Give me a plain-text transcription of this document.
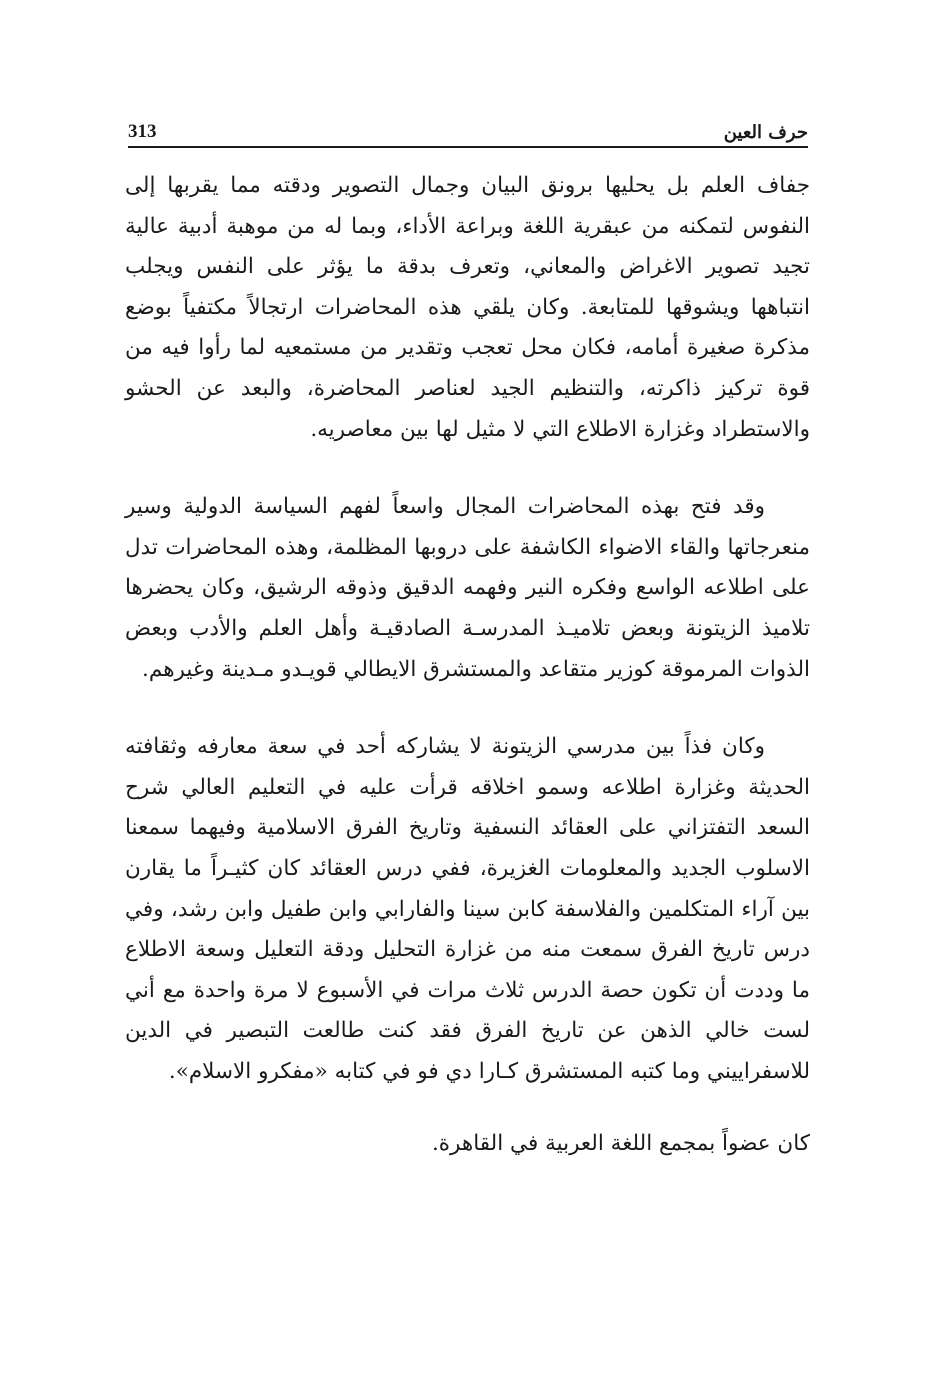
313	حرف العين

جفاف العلم بل يحليها برونق البيان وجمال التصوير ودقته مما يقربها إلى النفوس لتمكنه من عبقرية اللغة وبراعة الأداء، وبما له من موهبة أدبية عالية تجيد تصوير الاغراض والمعاني، وتعرف بدقة ما يؤثر على النفس ويجلب انتباهها ويشوقها للمتابعة. وكان يلقي هذه المحاضرات ارتجالاً مكتفياً بوضع مذكرة صغيرة أمامه، فكان محل تعجب وتقدير من مستمعيه لما رأوا فيه من قوة تركيز ذاكرته، والتنظيم الجيد لعناصر المحاضرة، والبعد عن الحشو والاستطراد وغزارة الاطلاع التي لا مثيل لها بين معاصريه.

وقد فتح بهذه المحاضرات المجال واسعاً لفهم السياسة الدولية وسير منعرجاتها والقاء الاضواء الكاشفة على دروبها المظلمة، وهذه المحاضرات تدل على اطلاعه الواسع وفكره النير وفهمه الدقيق وذوقه الرشيق، وكان يحضرها تلاميذ الزيتونة وبعض تلاميـذ المدرسـة الصادقيـة وأهل العلم والأدب وبعض الذوات المرموقة كوزير متقاعد والمستشرق الايطالي قويـدو مـدينة وغيرهم.

وكان فذاً بين مدرسي الزيتونة لا يشاركه أحد في سعة معارفه وثقافته الحديثة وغزارة اطلاعه وسمو اخلاقه قرأت عليه في التعليم العالي شرح السعد التفتزاني على العقائد النسفية وتاريخ الفرق الاسلامية وفيهما سمعنا الاسلوب الجديد والمعلومات الغزيرة، ففي درس العقائد كان كثيـراً ما يقارن بين آراء المتكلمين والفلاسفة كابن سينا والفارابي وابن طفيل وابن رشد، وفي درس تاريخ الفرق سمعت منه من غزارة التحليل ودقة التعليل وسعة الاطلاع ما وددت أن تكون حصة الدرس ثلاث مرات في الأسبوع لا مرة واحدة مع أني لست خالي الذهن عن تاريخ الفرق فقد كنت طالعت التبصير في الدين للاسفراييني وما كتبه المستشرق كـارا دي فو في كتابه «مفكرو الاسلام».

كان عضواً بمجمع اللغة العربية في القاهرة.
